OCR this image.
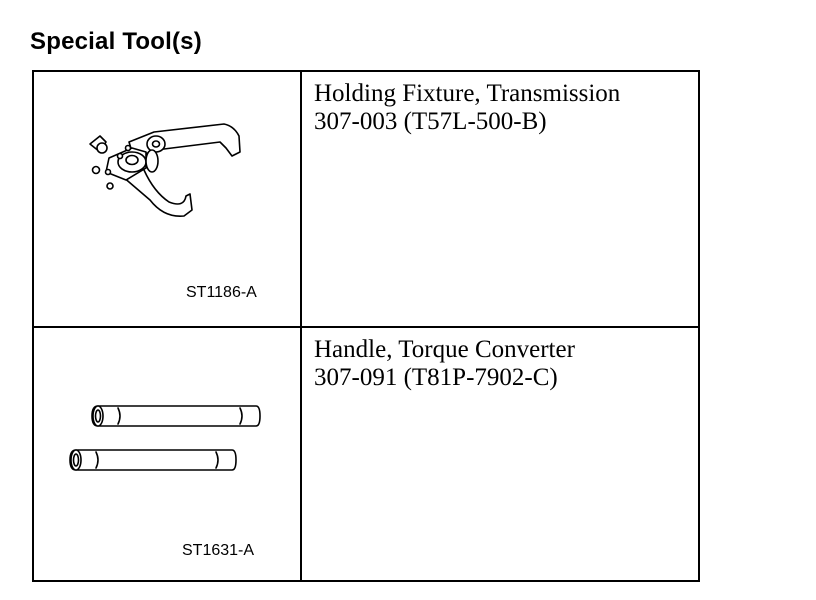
Special Tool(s)
ST1186-A
Holding Fixture, Transmission
307-003 (T57L-500-B)
ST1631-A
Handle, Torque Converter
307-091 (T81P-7902-C)
